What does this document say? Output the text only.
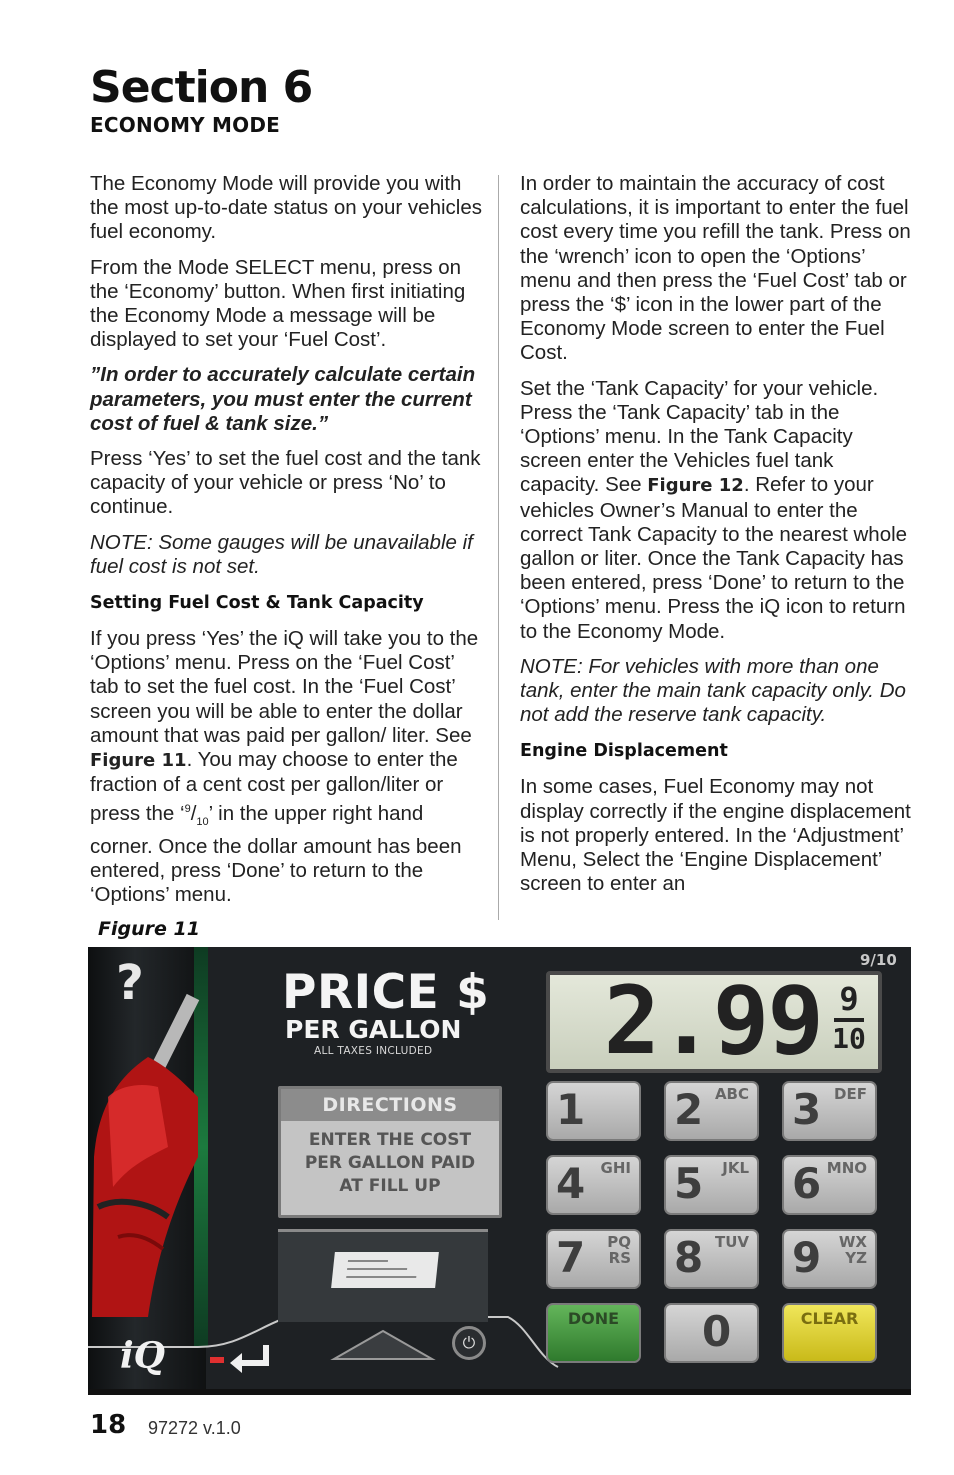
Section 6
ECONOMY MODE

The Economy Mode will provide you with the most up-to-date status on your vehicles fuel economy.

From the Mode SELECT menu, press on the ‘Economy’ button. When first initiating the Economy Mode a message will be displayed to set your ‘Fuel Cost’.

”In order to accurately calculate certain parameters, you must enter the current cost of fuel & tank size.”

Press ‘Yes’ to set the fuel cost and the tank capacity of your vehicle or press ‘No’ to continue.

NOTE: Some gauges will be unavailable if fuel cost is not set.

Setting Fuel Cost & Tank Capacity

If you press ‘Yes’ the iQ will take you to the ‘Options’ menu. Press on the ‘Fuel Cost’ tab to set the fuel cost. In the ‘Fuel Cost’ screen you will be able to enter the dollar amount that was paid per gallon/ liter. See Figure 11. You may choose to enter the fraction of a cent cost per gallon/liter or press the ‘$^9/_{10}$’ in the upper right hand corner. Once the dollar amount has been entered, press ‘Done’ to return to the ‘Options’ menu.

In order to maintain the accuracy of cost calculations, it is important to enter the fuel cost every time you refill the tank. Press on the ‘wrench’ icon to open the ‘Options’ menu and then press the ‘Fuel Cost’ tab or press the ‘$’ icon in the lower part of the Economy Mode screen to enter the Fuel Cost.

Set the ‘Tank Capacity’ for your vehicle. Press the ‘Tank Capacity’ tab in the ‘Options’ menu. In the Tank Capacity screen enter the Vehicles fuel tank capacity. See Figure 12. Refer to your vehicles Owner’s Manual to enter the correct Tank Capacity to the nearest whole gallon or liter. Once the Tank Capacity has been entered, press ‘Done’ to return to the ‘Options’ menu. Press the iQ icon to return to the Economy Mode.

NOTE: For vehicles with more than one tank, enter the main tank capacity only. Do not add the reserve tank capacity.

Engine Displacement

In some cases, Fuel Economy may not display correctly if the engine displacement is not properly entered. In the ‘Adjustment’ Menu, Select the ‘Engine Displacement’ screen to enter an

Figure 11
?
iQ
PRICE $
PER GALLON
ALL TAXES INCLUDED
DIRECTIONS
ENTER THE COST
PER GALLON PAID
AT FILL UP
⏻
9/10
2.99 9
10
1 2 ABC 3 DEF
4 GHI 5 JKL 6 MNO
7 PQ
RS 8 TUV 9 WX
YZ
DONE	0	CLEAR
18 97272 v.1.0
